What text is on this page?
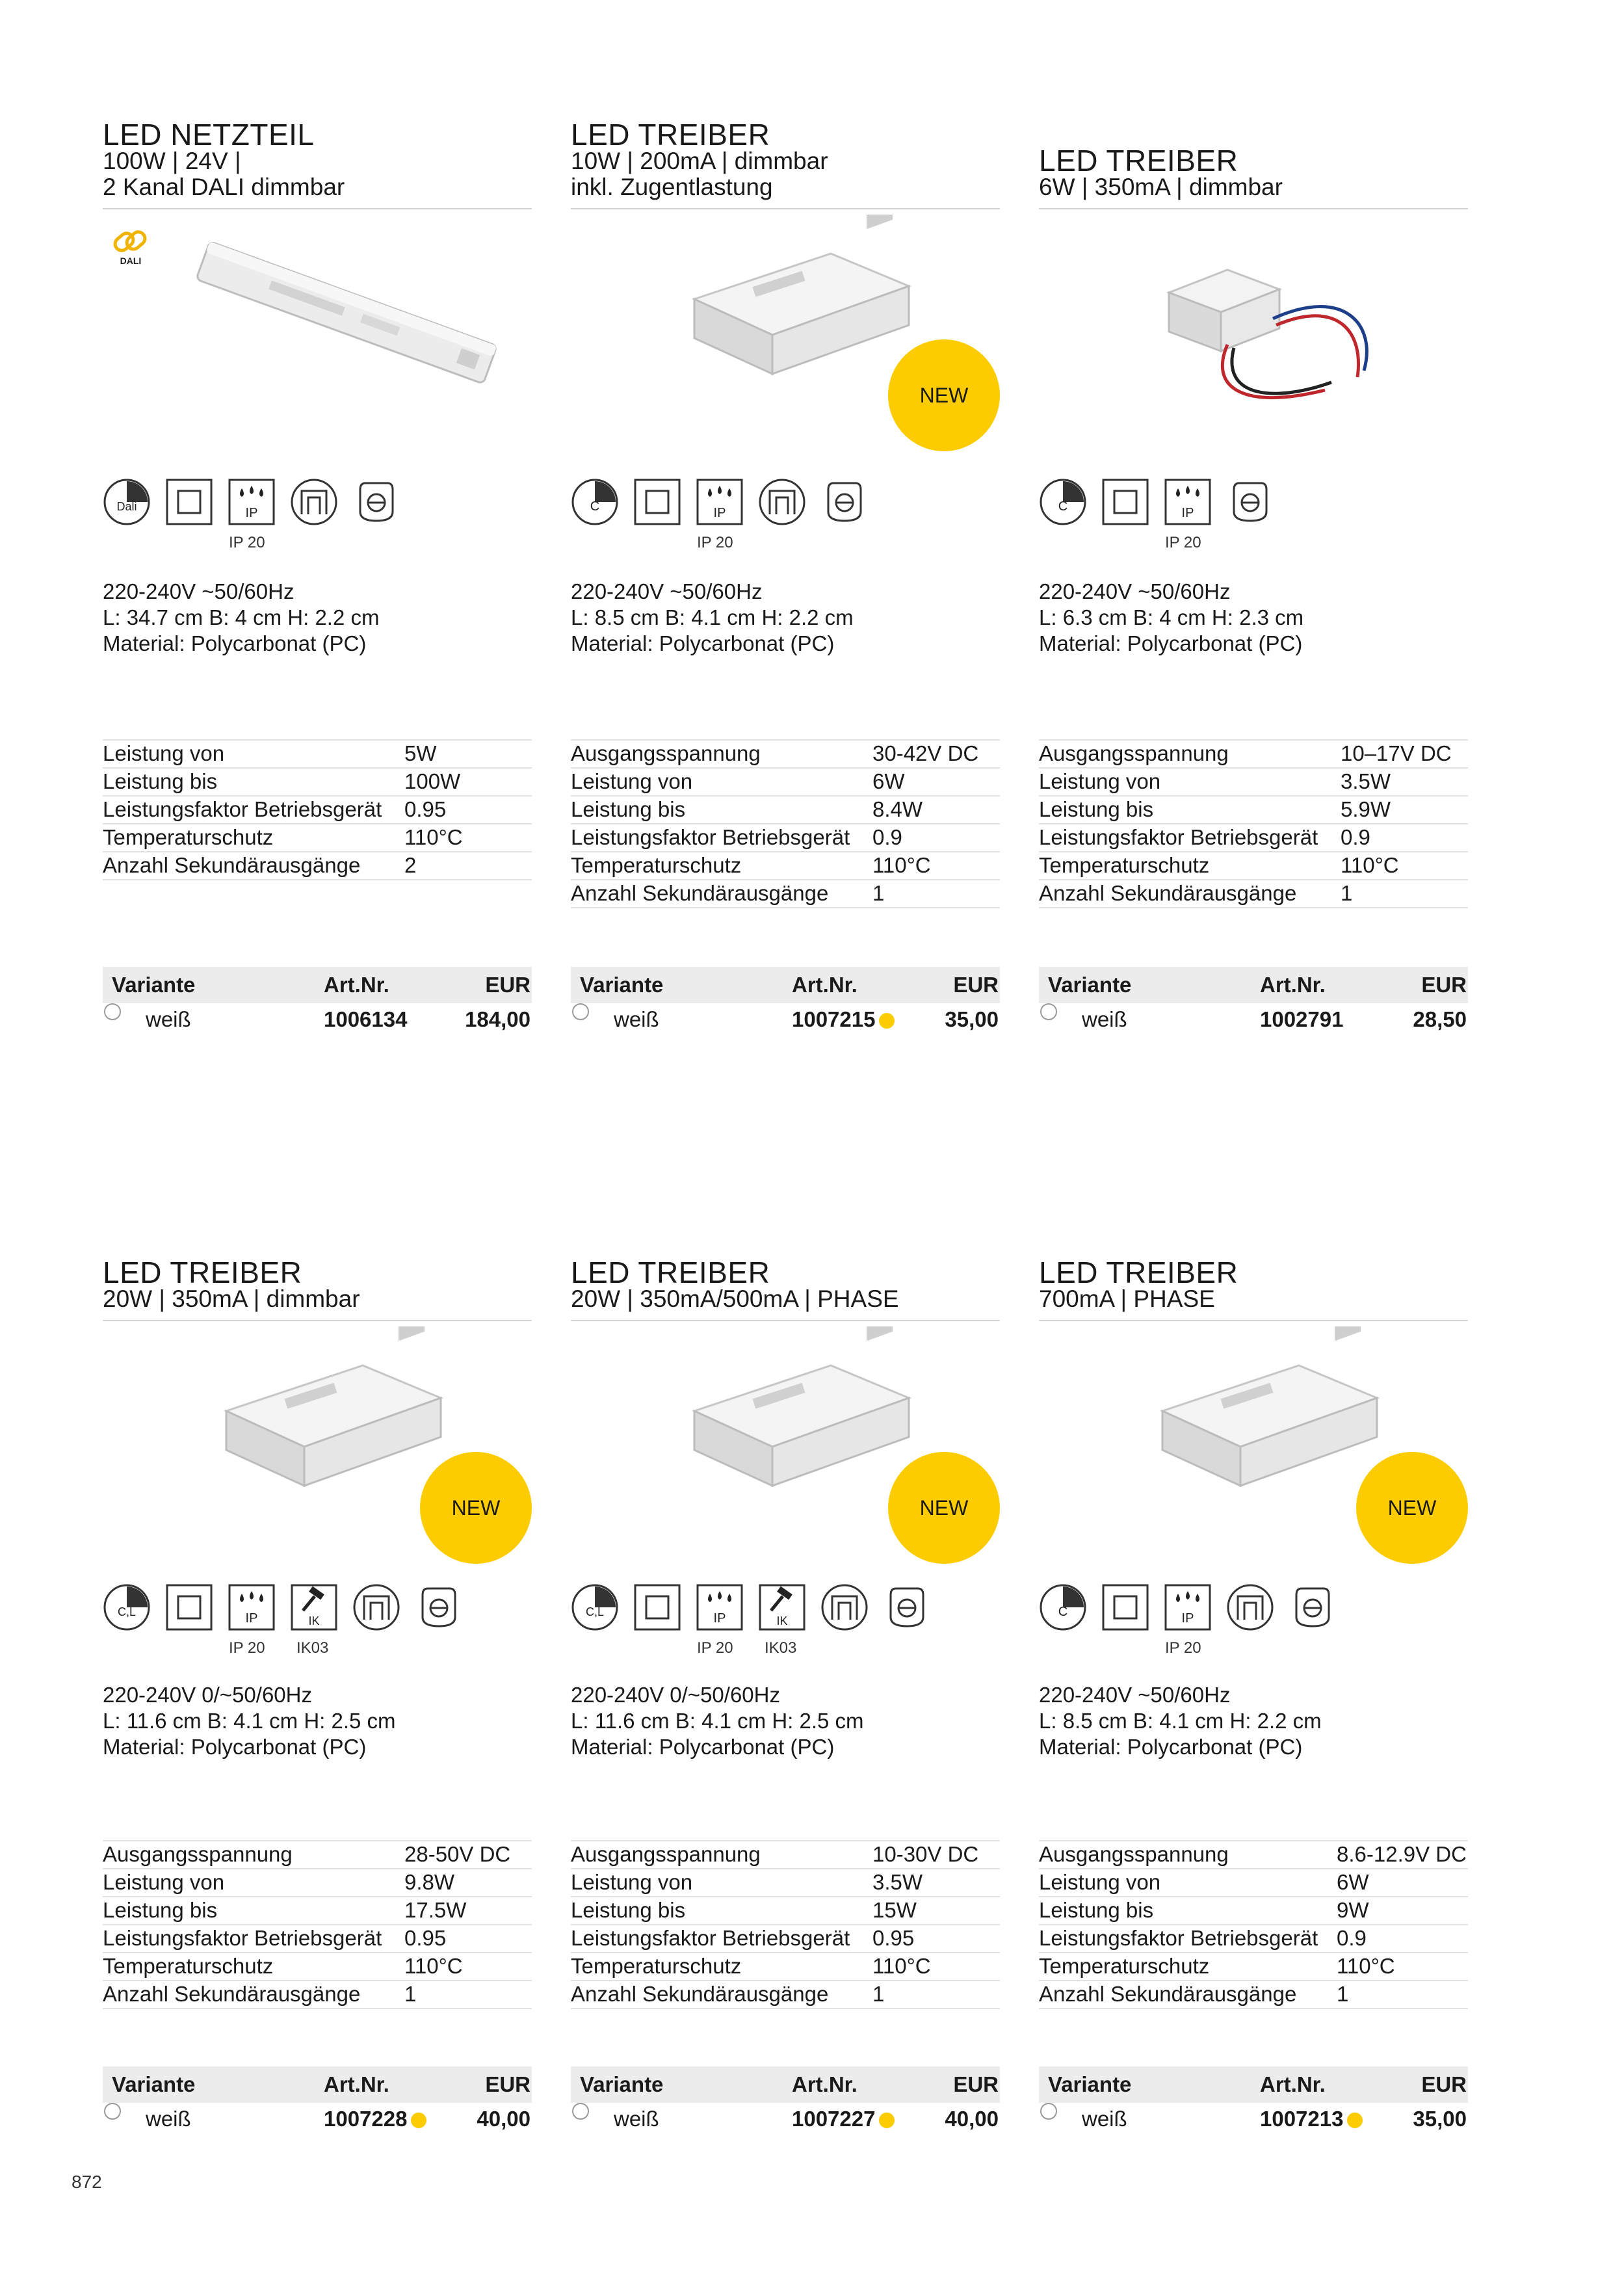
LED NETZTEIL
100W | 24V |
2 Kanal DALI dimmbar
DALI
Dali	IP
IP 20
220-240V ~50/60Hz
L: 34.7 cm B: 4 cm H: 2.2 cm
Material: Polycarbonat (PC)
Leistung von	5W
Leistung bis	100W
Leistungsfaktor Betriebsgerät 0.95
Temperaturschutz	110°C
Anzahl Sekundärausgänge 2
Variante	Art.Nr.	EUR
weiß	1006134	184,00
LED TREIBER
10W | 200mA | dimmbar
inkl. Zugentlastung
NEW
C	IP
IP 20
220-240V ~50/60Hz
L: 8.5 cm B: 4.1 cm H: 2.2 cm
Material: Polycarbonat (PC)
Ausgangsspannung	30-42V DC
Leistung von	6W
Leistung bis	8.4W
Leistungsfaktor Betriebsgerät 0.9
Temperaturschutz	110°C
Anzahl Sekundärausgänge 1
Variante	Art.Nr.	EUR
weiß	1007215	35,00
LED TREIBER
6W | 350mA | dimmbar
C	IP
IP 20
220-240V ~50/60Hz
L: 6.3 cm B: 4 cm H: 2.3 cm
Material: Polycarbonat (PC)
Ausgangsspannung	10–17V DC
Leistung von	3.5W
Leistung bis	5.9W
Leistungsfaktor Betriebsgerät 0.9
Temperaturschutz	110°C
Anzahl Sekundärausgänge 1
Variante	Art.Nr.	EUR
weiß	1002791	28,50
LED TREIBER
20W | 350mA | dimmbar
NEW
C,L	IP
IP 20
IK
IK03
220-240V 0/~50/60Hz
L: 11.6 cm B: 4.1 cm H: 2.5 cm
Material: Polycarbonat (PC)
Ausgangsspannung	28-50V DC
Leistung von	9.8W
Leistung bis	17.5W
Leistungsfaktor Betriebsgerät 0.95
Temperaturschutz	110°C
Anzahl Sekundärausgänge 1
Variante	Art.Nr.	EUR
weiß	1007228	40,00
LED TREIBER
20W | 350mA/500mA | PHASE
NEW
C,L	IP
IP 20
IK
IK03
220-240V 0/~50/60Hz
L: 11.6 cm B: 4.1 cm H: 2.5 cm
Material: Polycarbonat (PC)
Ausgangsspannung	10-30V DC
Leistung von	3.5W
Leistung bis	15W
Leistungsfaktor Betriebsgerät 0.95
Temperaturschutz	110°C
Anzahl Sekundärausgänge 1
Variante	Art.Nr.	EUR
weiß	1007227	40,00
LED TREIBER
700mA | PHASE
NEW
C	IP
IP 20
220-240V ~50/60Hz
L: 8.5 cm B: 4.1 cm H: 2.2 cm
Material: Polycarbonat (PC)
Ausgangsspannung	8.6-12.9V DC
Leistung von	6W
Leistung bis	9W
Leistungsfaktor Betriebsgerät 0.9
Temperaturschutz	110°C
Anzahl Sekundärausgänge 1
Variante	Art.Nr.	EUR
weiß	1007213	35,00
872
